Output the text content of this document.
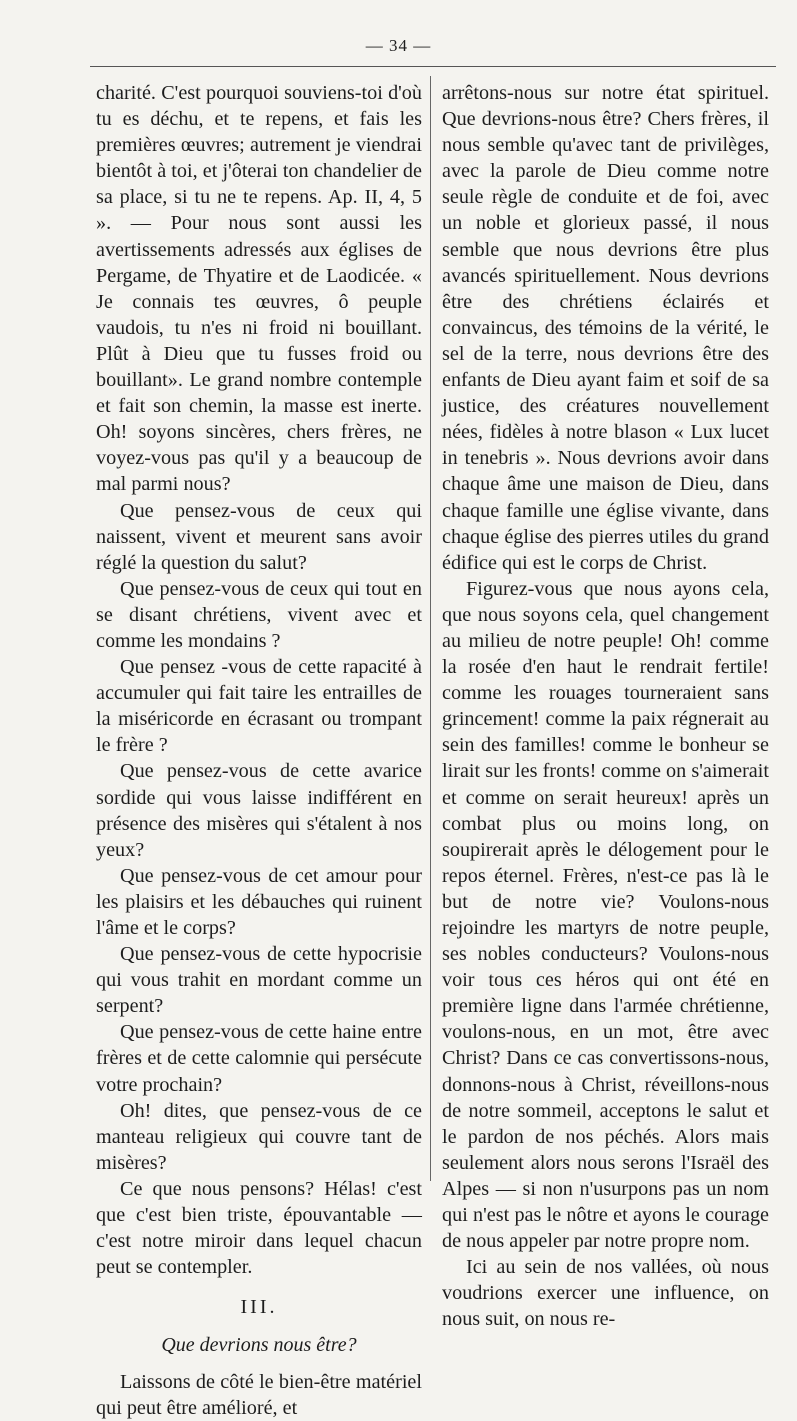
— 34 —

charité. C'est pourquoi souviens-toi d'où tu es déchu, et te repens, et fais les premières œuvres; autrement je viendrai bientôt à toi, et j'ôterai ton chandelier de sa place, si tu ne te repens. Ap. II, 4, 5 ». — Pour nous sont aussi les avertissements adressés aux églises de Pergame, de Thyatire et de Laodicée. « Je connais tes œuvres, ô peuple vaudois, tu n'es ni froid ni bouillant. Plût à Dieu que tu fusses froid ou bouillant». Le grand nombre contemple et fait son chemin, la masse est inerte. Oh! soyons sincères, chers frères, ne voyez-vous pas qu'il y a beaucoup de mal parmi nous?

Que pensez-vous de ceux qui naissent, vivent et meurent sans avoir réglé la question du salut?

Que pensez-vous de ceux qui tout en se disant chrétiens, vivent avec et comme les mondains ?

Que pensez -vous de cette rapacité à accumuler qui fait taire les entrailles de la miséricorde en écrasant ou trompant le frère ?

Que pensez-vous de cette avarice sordide qui vous laisse indifférent en présence des misères qui s'étalent à nos yeux?

Que pensez-vous de cet amour pour les plaisirs et les débauches qui ruinent l'âme et le corps?

Que pensez-vous de cette hypocrisie qui vous trahit en mordant comme un serpent?

Que pensez-vous de cette haine entre frères et de cette calomnie qui persécute votre prochain?

Oh! dites, que pensez-vous de ce manteau religieux qui couvre tant de misères?

Ce que nous pensons? Hélas! c'est que c'est bien triste, épouvantable — c'est notre miroir dans lequel chacun peut se contempler.

III.
Que devrions nous être?

Laissons de côté le bien-être matériel qui peut être amélioré, et

arrêtons-nous sur notre état spirituel. Que devrions-nous être? Chers frères, il nous semble qu'avec tant de privilèges, avec la parole de Dieu comme notre seule règle de conduite et de foi, avec un noble et glorieux passé, il nous semble que nous devrions être plus avancés spirituellement. Nous devrions être des chrétiens éclairés et convaincus, des témoins de la vérité, le sel de la terre, nous devrions être des enfants de Dieu ayant faim et soif de sa justice, des créatures nouvellement nées, fidèles à notre blason « Lux lucet in tenebris ». Nous devrions avoir dans chaque âme une maison de Dieu, dans chaque famille une église vivante, dans chaque église des pierres utiles du grand édifice qui est le corps de Christ.

Figurez-vous que nous ayons cela, que nous soyons cela, quel changement au milieu de notre peuple! Oh! comme la rosée d'en haut le rendrait fertile! comme les rouages tourneraient sans grincement! comme la paix régnerait au sein des familles! comme le bonheur se lirait sur les fronts! comme on s'aimerait et comme on serait heureux! après un combat plus ou moins long, on soupirerait après le délogement pour le repos éternel. Frères, n'est-ce pas là le but de notre vie? Voulons-nous rejoindre les martyrs de notre peuple, ses nobles conducteurs? Voulons-nous voir tous ces héros qui ont été en première ligne dans l'armée chrétienne, voulons-nous, en un mot, être avec Christ? Dans ce cas convertissons-nous, donnons-nous à Christ, réveillons-nous de notre sommeil, acceptons le salut et le pardon de nos péchés. Alors mais seulement alors nous serons l'Israël des Alpes — si non n'usurpons pas un nom qui n'est pas le nôtre et ayons le courage de nous appeler par notre propre nom.

Ici au sein de nos vallées, où nous voudrions exercer une influence, on nous suit, on nous re-
